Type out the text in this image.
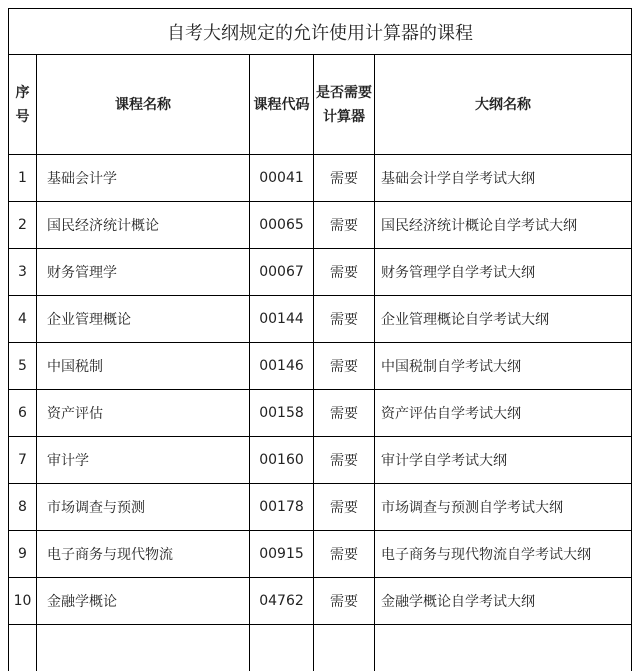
自考大纲规定的允许使用计算器的课程				
序号	课程名称	课程代码	是否需要计算器	大纲名称
1	基础会计学	00041	需要	基础会计学自学考试大纲
2	国民经济统计概论	00065	需要	国民经济统计概论自学考试大纲
3	财务管理学	00067	需要	财务管理学自学考试大纲
4	企业管理概论	00144	需要	企业管理概论自学考试大纲
5	中国税制	00146	需要	中国税制自学考试大纲
6	资产评估	00158	需要	资产评估自学考试大纲
7	审计学	00160	需要	审计学自学考试大纲
8	市场调查与预测	00178	需要	市场调查与预测自学考试大纲
9	电子商务与现代物流	00915	需要	电子商务与现代物流自学考试大纲
10	金融学概论	04762	需要	金融学概论自学考试大纲
